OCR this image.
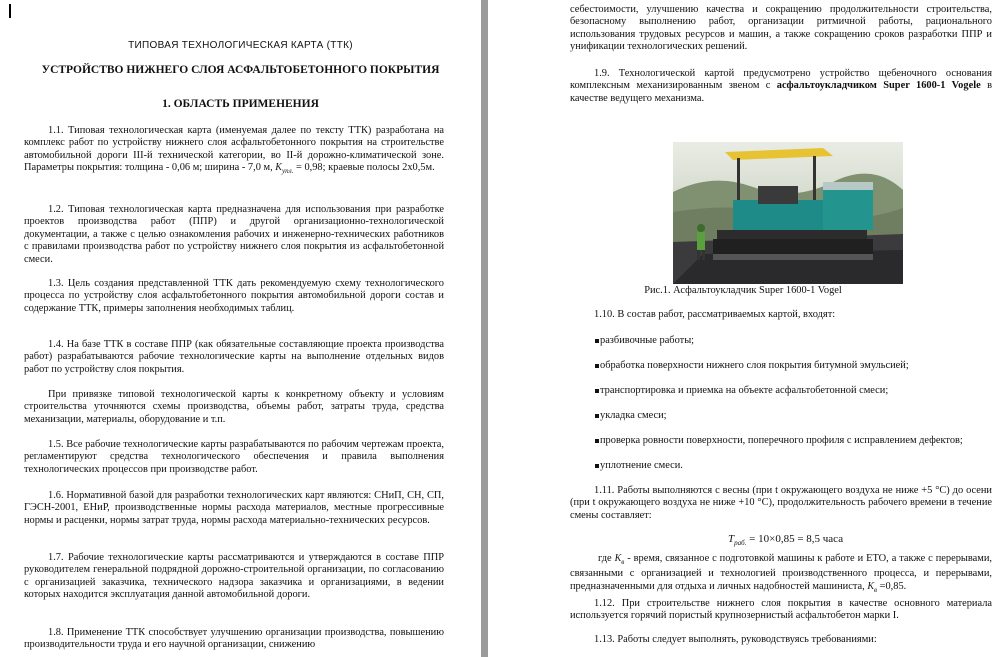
ТИПОВАЯ ТЕХНОЛОГИЧЕСКАЯ КАРТА (ТТК)
УСТРОЙСТВО НИЖНЕГО СЛОЯ АСФАЛЬТОБЕТОННОГО ПОКРЫТИЯ
1. ОБЛАСТЬ ПРИМЕНЕНИЯ

1.1. Типовая технологическая карта (именуемая далее по тексту ТТК) разработана на комплекс работ по устройству нижнего слоя асфальтобетонного покрытия на строительстве автомобильной дороги III-й технической категории, во II-й дорожно-климатической зоне. Параметры покрытия: толщина - 0,06 м; ширина - 7,0 м, $K_{упл.} = 0,98$; краевые полосы 2х0,5м.

1.2. Типовая технологическая карта предназначена для использования при разработке проектов производства работ (ППР) и другой организационно-технологической документации, а также с целью ознакомления рабочих и инженерно-технических работников с правилами производства работ по устройству нижнего слоя покрытия из асфальтобетонной смеси.

1.3. Цель создания представленной ТТК дать рекомендуемую схему технологического процесса по устройству слоя асфальтобетонного покрытия автомобильной дороги состав и содержание ТТК, примеры заполнения необходимых таблиц.

1.4. На базе ТТК в составе ППР (как обязательные составляющие проекта производства работ) разрабатываются рабочие технологические карты на выполнение отдельных видов работ по устройству слоя покрытия.

При привязке типовой технологической карты к конкретному объекту и условиям строительства уточняются схемы производства, объемы работ, затраты труда, средства механизации, материалы, оборудование и т.п.

1.5. Все рабочие технологические карты разрабатываются по рабочим чертежам проекта, регламентируют средства технологического обеспечения и правила выполнения технологических процессов при производстве работ.

1.6. Нормативной базой для разработки технологических карт являются: СНиП, СН, СП, ГЭСН-2001, ЕНиР, производственные нормы расхода материалов, местные прогрессивные нормы и расценки, нормы затрат труда, нормы расхода материально-технических ресурсов.

1.7. Рабочие технологические карты рассматриваются и утверждаются в составе ППР руководителем генеральной подрядной дорожно-строительной организации, по согласованию с организацией заказчика, технического надзора заказчика и организациями, в ведении которых находится эксплуатация данной автомобильной дороги.

1.8. Применение ТТК способствует улучшению организации производства, повышению производительности труда и его научной организации, снижению

себестоимости, улучшению качества и сокращению продолжительности строительства, безопасному выполнению работ, организации ритмичной работы, рационального использования трудовых ресурсов и машин, а также сокращению сроков разработки ППР и унификации технологических решений.

1.9. Технологической картой предусмотрено устройство щебеночного основания комплексным механизированным звеном с асфальтоукладчиком Super 1600-1 Vogele в качестве ведущего механизма.

Рис.1. Асфальтоукладчик Super 1600-1 Vogel

1.10. В состав работ, рассматриваемых картой, входят:

разбивочные работы;
обработка поверхности нижнего слоя покрытия битумной эмульсией;
транспортировка и приемка на объекте асфальтобетонной смеси;
укладка смеси;
проверка ровности поверхности, поперечного профиля с исправлением дефектов;
уплотнение смеси.

1.11. Работы выполняются с весны (при t окружающего воздуха не ниже +5 °С) до осени (при t окружающего воздуха не ниже +10 °С), продолжительность рабочего времени в течение смены составляет:

$T_{раб.} = 10\times 0,85 = 8,5$ часа

где $K_в$ - время, связанное с подготовкой машины к работе и ЕТО, а также с перерывами, связанными с организацией и технологией производственного процесса, и перерывами, предназначенными для отдыха и личных надобностей машиниста, $K_в =0,85$.

1.12. При строительстве нижнего слоя покрытия в качестве основного материала используется горячий пористый крупнозернистый асфальтобетон марки I.

1.13. Работы следует выполнять, руководствуясь требованиями:
